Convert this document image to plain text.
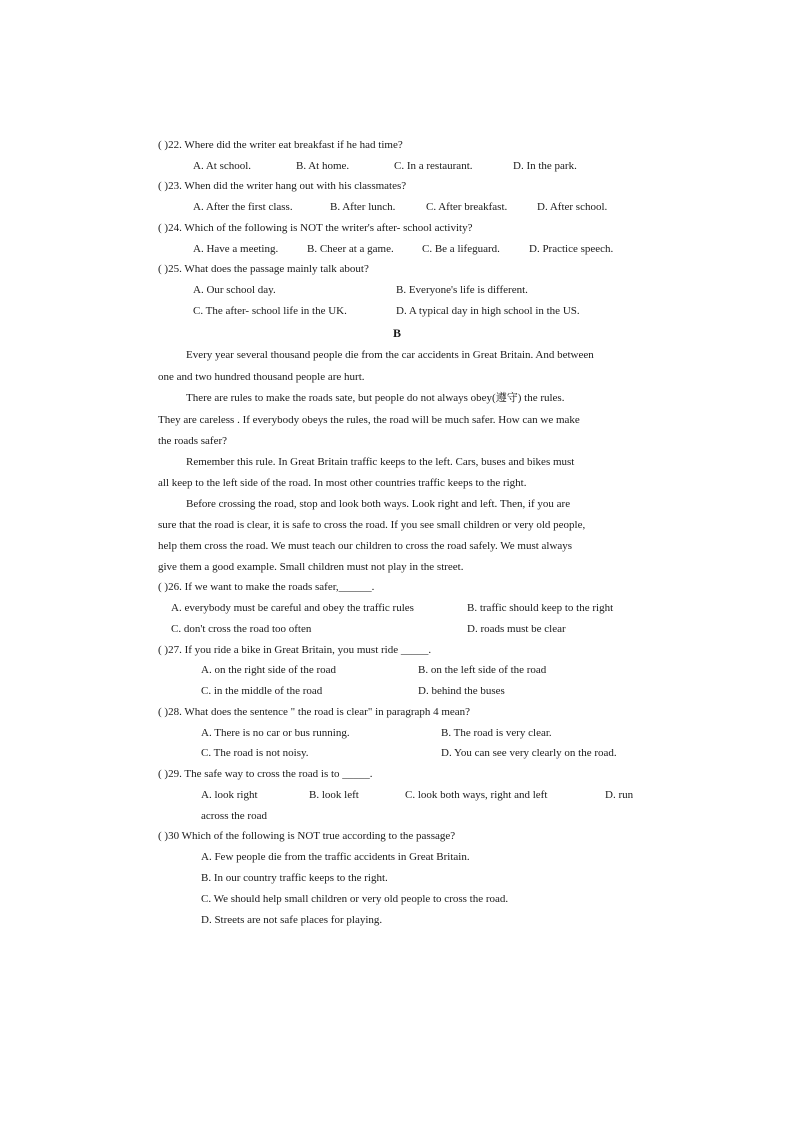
( )22. Where did the writer eat breakfast if he had time?
A. At school.	B. At home.	C. In a restaurant.	D. In the park.
( )23. When did the writer hang out with his classmates?
A. After the first class.	B. After lunch.	C. After breakfast.	D. After school.
( )24. Which of the following is NOT the writer's after- school activity?
A. Have a meeting.	B. Cheer at a game.	C. Be a lifeguard.	D. Practice speech.
( )25. What does the passage mainly talk about?
A. Our school day.	B. Everyone's life is different.
C. The after- school life in the UK.	D. A typical day in high school in the US.
B
Every year several thousand people die from the car accidents in Great Britain. And between
one and two hundred thousand people are hurt.
There are rules to make the roads sate, but people do not always obey(遵守) the rules.
They are careless . If everybody obeys the rules, the road will be much safer. How can we make
the roads safer?
Remember this rule. In Great Britain traffic keeps to the left. Cars, buses and bikes must
all keep to the left side of the road. In most other countries traffic keeps to the right.
Before crossing the road, stop and look both ways. Look right and left. Then, if you are
sure that the road is clear, it is safe to cross the road. If you see small children or very old people,
help them cross the road. We must teach our children to cross the road safely. We must always
give them a good example. Small children must not play in the street.
( )26. If we want to make the roads safer,______.
A. everybody must be careful and obey the traffic rules	B. traffic should keep to the right
C. don't cross the road too often	D. roads must be clear
( )27. If you ride a bike in Great Britain, you must ride _____.
A. on the right side of the road	B. on the left side of the road
C. in the middle of the road	D. behind the buses
( )28. What does the sentence " the road is clear" in paragraph 4 mean?
A. There is no car or bus running.	B. The road is very clear.
C. The road is not noisy.	D. You can see very clearly on the road.
( )29. The safe way to cross the road is to _____.
A. look right	B. look left	C. look both ways, right and left	D. run
across the road
( )30 Which of the following is NOT true according to the passage?
A. Few people die from the traffic accidents in Great Britain.
B. In our country traffic keeps to the right.
C. We should help small children or very old people to cross the road.
D. Streets are not safe places for playing.
